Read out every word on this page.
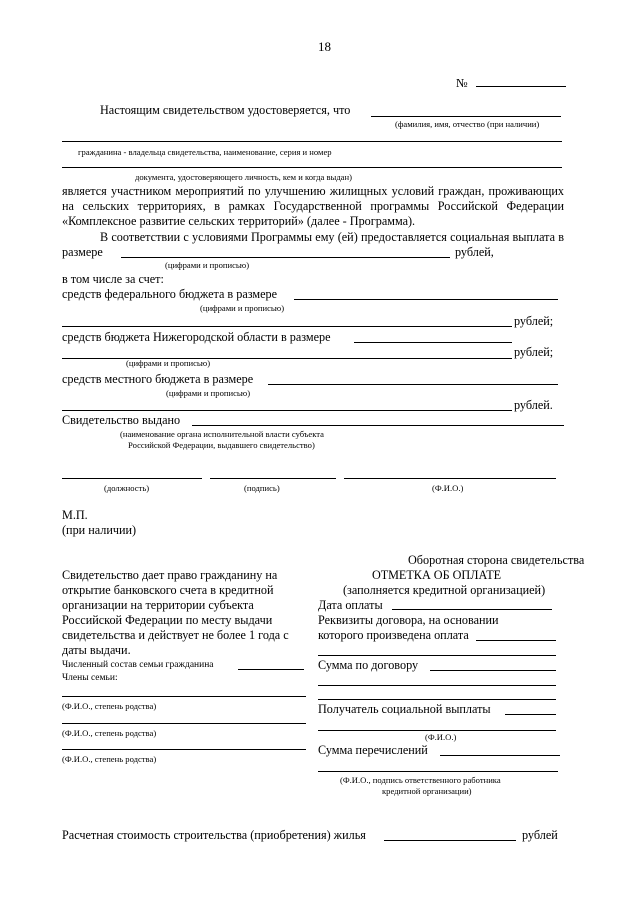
18
№
Настоящим свидетельством удостоверяется, что
(фамилия, имя, отчество (при наличии)
гражданина - владельца свидетельства, наименование, серия и номер
документа, удостоверяющего личность, кем и когда выдан)
является участником мероприятий по улучшению жилищных условий граждан, проживающих
на сельских территориях, в рамках Государственной программы Российской Федерации
«Комплексное развитие сельских территорий» (далее - Программа).
В соответствии с условиями Программы ему (ей) предоставляется социальная выплата в
размере	рублей,
(цифрами и прописью)
в том числе за счет:
средств федерального бюджета в размере
(цифрами и прописью)
рублей;
средств бюджета Нижегородской области в размере
рублей;
(цифрами и прописью)
средств местного бюджета в размере
(цифрами и прописью)
рублей.
Свидетельство выдано
(наименование органа исполнительной власти субъекта
Российской Федерации, выдавшего свидетельство)
(должность)	(подпись)	(Ф.И.О.)
М.П.
(при наличии)
Оборотная сторона свидетельства
Свидетельство дает право гражданину на
открытие банковского счета в кредитной
организации на территории субъекта
Российской Федерации по месту выдачи
свидетельства и действует не более 1 года с
даты выдачи.
Численный состав семьи гражданина
Члены семьи:
(Ф.И.О., степень родства)
(Ф.И.О., степень родства)
(Ф.И.О., степень родства)
ОТМЕТКА ОБ ОПЛАТЕ
(заполняется кредитной организацией)
Дата оплаты
Реквизиты договора, на основании
которого произведена оплата
Сумма по договору
Получатель социальной выплаты
(Ф.И.О.)
Сумма перечислений
(Ф.И.О., подпись ответственного работника
кредитной организации)
Расчетная стоимость строительства (приобретения) жилья	рублей
